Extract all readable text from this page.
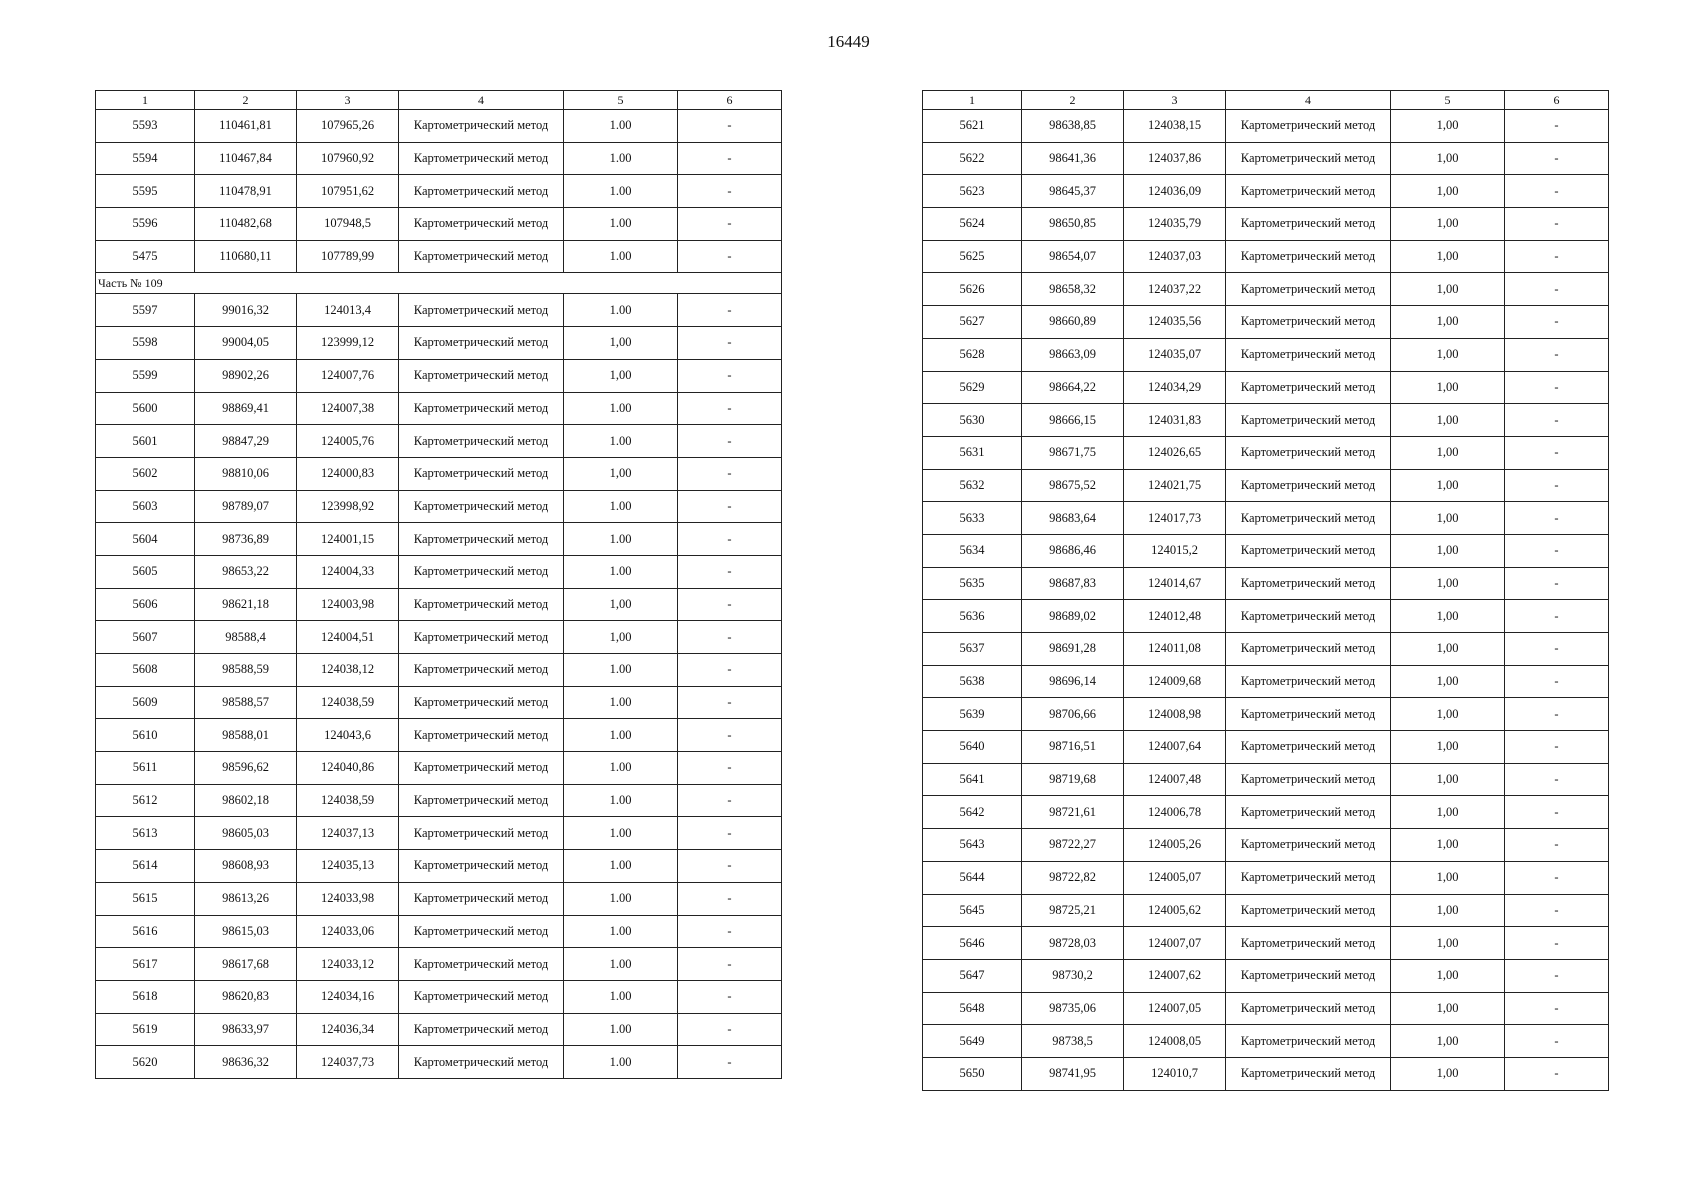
16449
1	2	3	4	5	6
5593	110461,81	107965,26	Картометрический метод	1.00	-
5594	110467,84	107960,92	Картометрический метод	1.00	-
5595	110478,91	107951,62	Картометрический метод	1.00	-
5596	110482,68	107948,5	Картометрический метод	1.00	-
5475	110680,11	107789,99	Картометрический метод	1.00	-
Часть № 109					
5597	99016,32	124013,4	Картометрический метод	1.00	-
5598	99004,05	123999,12	Картометрический метод	1,00	-
5599	98902,26	124007,76	Картометрический метод	1,00	-
5600	98869,41	124007,38	Картометрический метод	1.00	-
5601	98847,29	124005,76	Картометрический метод	1.00	-
5602	98810,06	124000,83	Картометрический метод	1,00	-
5603	98789,07	123998,92	Картометрический метод	1.00	-
5604	98736,89	124001,15	Картометрический метод	1.00	-
5605	98653,22	124004,33	Картометрический метод	1.00	-
5606	98621,18	124003,98	Картометрический метод	1,00	-
5607	98588,4	124004,51	Картометрический метод	1,00	-
5608	98588,59	124038,12	Картометрический метод	1.00	-
5609	98588,57	124038,59	Картометрический метод	1.00	-
5610	98588,01	124043,6	Картометрический метод	1.00	-
5611	98596,62	124040,86	Картометрический метод	1.00	-
5612	98602,18	124038,59	Картометрический метод	1.00	-
5613	98605,03	124037,13	Картометрический метод	1.00	-
5614	98608,93	124035,13	Картометрический метод	1.00	-
5615	98613,26	124033,98	Картометрический метод	1.00	-
5616	98615,03	124033,06	Картометрический метод	1.00	-
5617	98617,68	124033,12	Картометрический метод	1.00	-
5618	98620,83	124034,16	Картометрический метод	1.00	-
5619	98633,97	124036,34	Картометрический метод	1.00	-
5620	98636,32	124037,73	Картометрический метод	1.00	-
1	2	3	4	5	6
5621	98638,85	124038,15	Картометрический метод	1,00	-
5622	98641,36	124037,86	Картометрический метод	1,00	-
5623	98645,37	124036,09	Картометрический метод	1,00	-
5624	98650,85	124035,79	Картометрический метод	1,00	-
5625	98654,07	124037,03	Картометрический метод	1,00	-
5626	98658,32	124037,22	Картометрический метод	1,00	-
5627	98660,89	124035,56	Картометрический метод	1,00	-
5628	98663,09	124035,07	Картометрический метод	1,00	-
5629	98664,22	124034,29	Картометрический метод	1,00	-
5630	98666,15	124031,83	Картометрический метод	1,00	-
5631	98671,75	124026,65	Картометрический метод	1,00	-
5632	98675,52	124021,75	Картометрический метод	1,00	-
5633	98683,64	124017,73	Картометрический метод	1,00	-
5634	98686,46	124015,2	Картометрический метод	1,00	-
5635	98687,83	124014,67	Картометрический метод	1,00	-
5636	98689,02	124012,48	Картометрический метод	1,00	-
5637	98691,28	124011,08	Картометрический метод	1,00	-
5638	98696,14	124009,68	Картометрический метод	1,00	-
5639	98706,66	124008,98	Картометрический метод	1,00	-
5640	98716,51	124007,64	Картометрический метод	1,00	-
5641	98719,68	124007,48	Картометрический метод	1,00	-
5642	98721,61	124006,78	Картометрический метод	1,00	-
5643	98722,27	124005,26	Картометрический метод	1,00	-
5644	98722,82	124005,07	Картометрический метод	1,00	-
5645	98725,21	124005,62	Картометрический метод	1,00	-
5646	98728,03	124007,07	Картометрический метод	1,00	-
5647	98730,2	124007,62	Картометрический метод	1,00	-
5648	98735,06	124007,05	Картометрический метод	1,00	-
5649	98738,5	124008,05	Картометрический метод	1,00	-
5650	98741,95	124010,7	Картометрический метод	1,00	-
